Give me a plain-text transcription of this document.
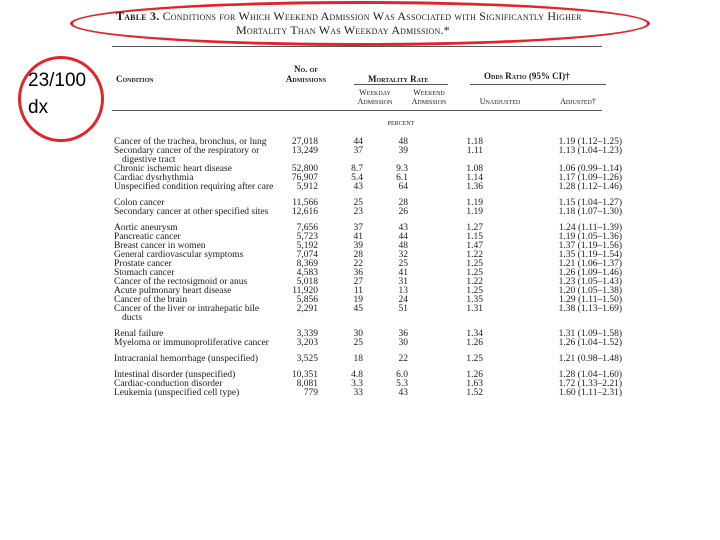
23/100
dx
Table 3. Conditions for Which Weekend Admission Was Associated with Significantly Higher
Mortality Than Was Weekday Admission.*
Condition
No. of
Admissions	Mortality Rate	Odds Ratio (95% CI)†
Weekday
Admission
Weekend
Admission	Unadjusted	Adjusted†
percent
Cancer of the trachea, bronchus, or lung	27,018	44	48	1.18	1.19 (1.12–1.25)
Secondary cancer of the respiratory or digestive tract	13,249	37	39	1.11	1.13 (1.04–1.23)
Chronic ischemic heart disease	52,800	8.7	9.3	1.08	1.06 (0.99–1.14)
Cardiac dysrhythmia	76,907	5.4	6.1	1.14	1.17 (1.09–1.26)
Unspecified condition requiring after care	5,912	43	64	1.36	1.28 (1.12–1.46)
Colon cancer	11,566	25	28	1.19	1.15 (1.04–1.27)
Secondary cancer at other specified sites	12,616	23	26	1.19	1.18 (1.07–1.30)
Aortic aneurysm	7,656	37	43	1.27	1.24 (1.11–1.39)
Pancreatic cancer	5,723	41	44	1.15	1.19 (1.05–1.36)
Breast cancer in women	5,192	39	48	1.47	1.37 (1.19–1.56)
General cardiovascular symptoms	7,074	28	32	1.22	1.35 (1.19–1.54)
Prostate cancer	8,369	22	25	1.25	1.21 (1.06–1.37)
Stomach cancer	4,583	36	41	1.25	1.26 (1.09–1.46)
Cancer of the rectosigmoid or anus	5,018	27	31	1.22	1.23 (1.05–1.43)
Acute pulmonary heart disease	11,920	11	13	1.25	1.20 (1.05–1.38)
Cancer of the brain	5,856	19	24	1.35	1.29 (1.11–1.50)
Cancer of the liver or intrahepatic bile ducts	2,291	45	51	1.31	1.38 (1.13–1.69)
Renal failure	3,339	30	36	1.34	1.31 (1.09–1.58)
Myeloma or immunoproliferative cancer	3,203	25	30	1.26	1.26 (1.04–1.52)
Intracranial hemorrhage (unspecified)	3,525	18	22	1.25	1.21 (0.98–1.48)
Intestinal disorder (unspecified)	10,351	4.8	6.0	1.26	1.28 (1.04–1.60)
Cardiac-conduction disorder	8,081	3.3	5.3	1.63	1.72 (1.33–2.21)
Leukemia (unspecified cell type)	779	33	43	1.52	1.60 (1.11–2.31)
